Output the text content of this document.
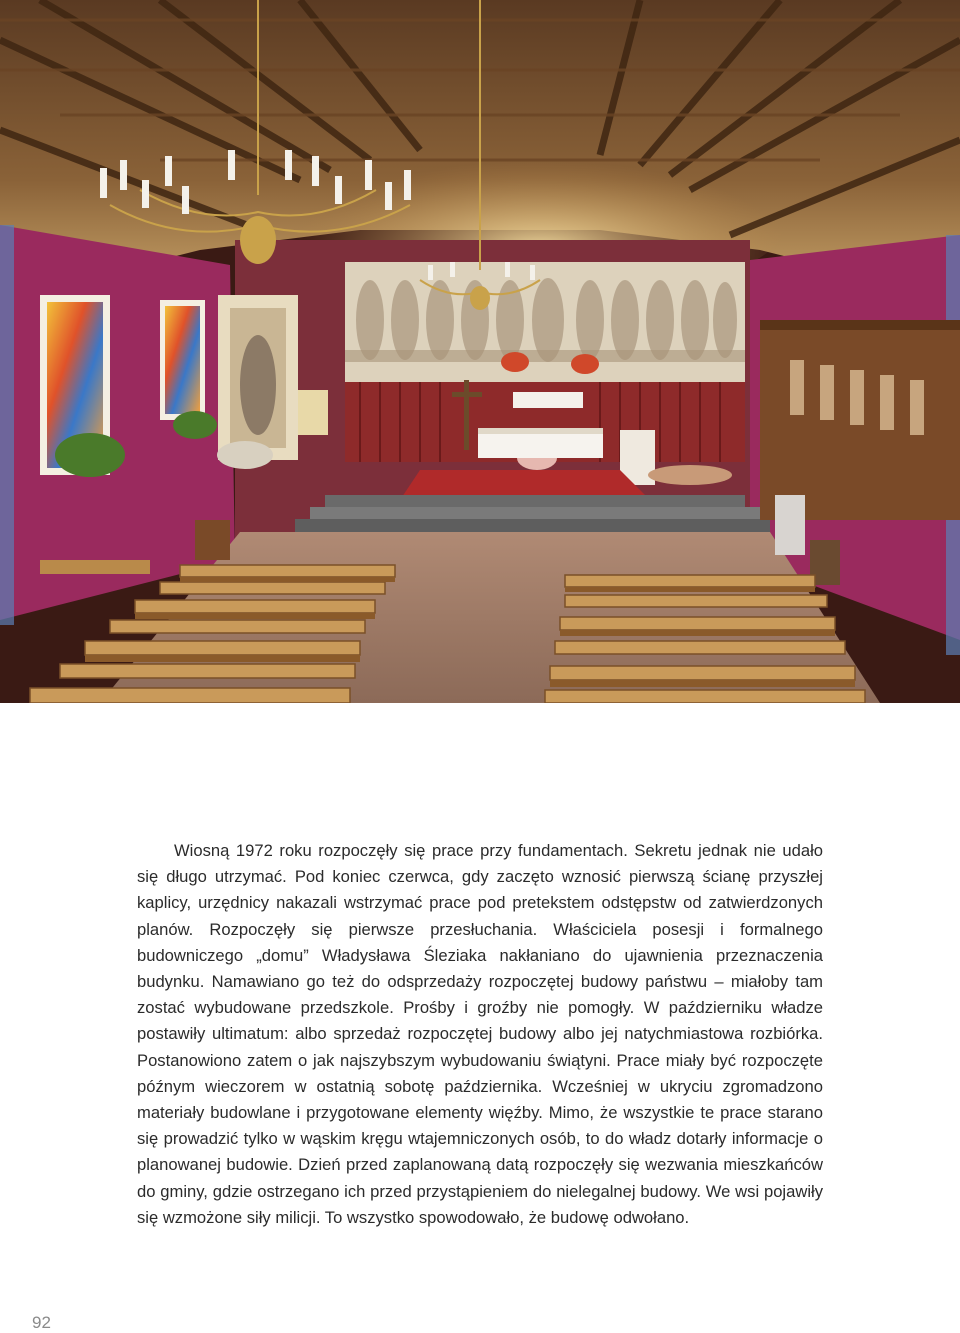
Wiosną 1972 roku rozpoczęły się prace przy fundamentach. Sekretu jednak nie udało się długo utrzymać. Pod koniec czerwca, gdy zaczęto wznosić pierwszą ścianę przyszłej kaplicy, urzędnicy nakazali wstrzymać prace pod pretekstem odstępstw od zatwierdzonych planów. Rozpoczęły się pierwsze przesłuchania. Właściciela posesji i formalnego budowniczego „domu” Władysława Śleziaka nakłaniano do ujawnienia przeznaczenia budynku. Namawiano go też do odsprzedaży rozpoczętej budowy państwu – miałoby tam zostać wybudowane przedszkole. Prośby i groźby nie pomogły. W październiku władze postawiły ultimatum: albo sprzedaż rozpoczętej budowy albo jej natychmiastowa rozbiórka. Postanowiono zatem o jak najszybszym wybudowaniu świątyni. Prace miały być rozpoczęte późnym wieczorem w ostatnią sobotę października. Wcześniej w ukryciu zgromadzono materiały budowlane i przygotowane elementy więźby. Mimo, że wszystkie te prace starano się prowadzić tylko w wąskim kręgu wtajemniczonych osób, to do władz dotarły informacje o planowanej budowie. Dzień przed zaplanowaną datą rozpoczęły się wezwania mieszkańców do gminy, gdzie ostrzegano ich przed przystąpieniem do nielegalnej budowy. We wsi pojawiły się wzmożone siły milicji. To wszystko spowodowało, że budowę odwołano.

92
